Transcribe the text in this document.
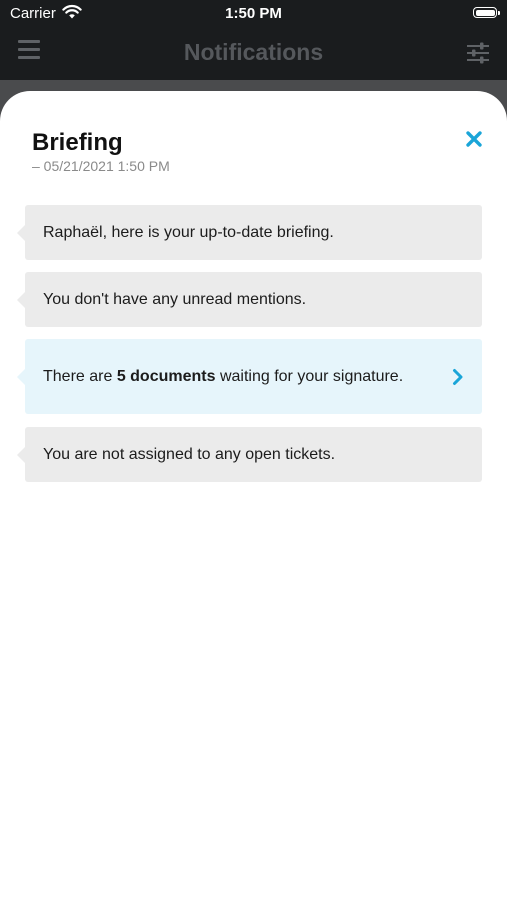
Carrier	1:50 PM
Notifications
Briefing
– 05/21/2021 1:50 PM
Raphaël, here is your up-to-date briefing.
You don't have any unread mentions.
There are 5 documents waiting for your signature.
You are not assigned to any open tickets.
